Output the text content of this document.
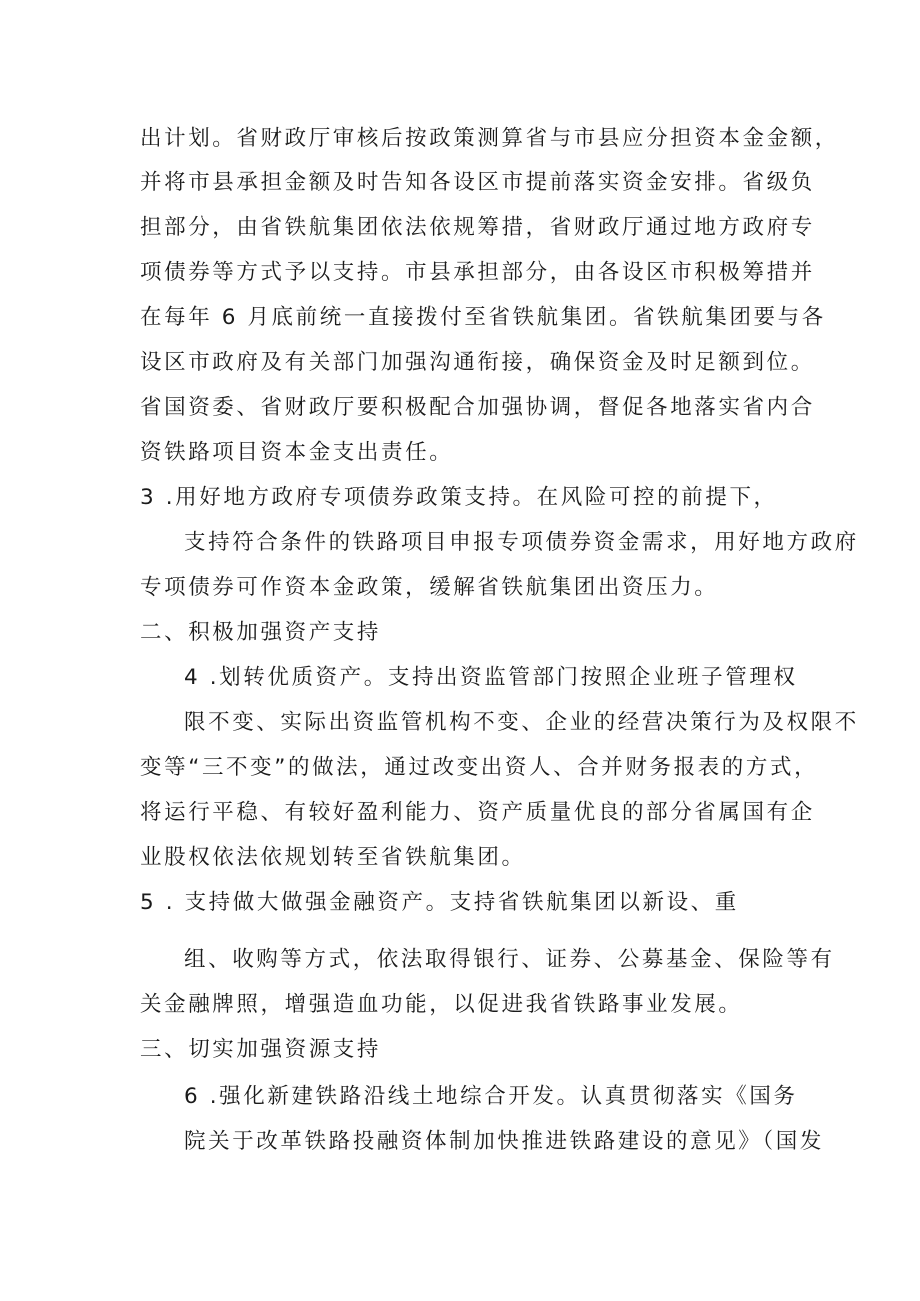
出计划。省财政厅审核后按政策测算省与市县应分担资本金金额，
并将市县承担金额及时告知各设区市提前落实资金安排。省级负
担部分，由省铁航集团依法依规筹措，省财政厅通过地方政府专
项债券等方式予以支持。市县承担部分，由各设区市积极筹措并
在每年 6 月底前统一直接拨付至省铁航集团。省铁航集团要与各
设区市政府及有关部门加强沟通衔接，确保资金及时足额到位。
省国资委、省财政厅要积极配合加强协调，督促各地落实省内合
资铁路项目资本金支出责任。
3 .用好地方政府专项债券政策支持。在风险可控的前提下，
支持符合条件的铁路项目申报专项债券资金需求，用好地方政府
专项债券可作资本金政策，缓解省铁航集团出资压力。
二、积极加强资产支持
4 .划转优质资产。支持出资监管部门按照企业班子管理权
限不变、实际出资监管机构不变、企业的经营决策行为及权限不
变等“三不变”的做法，通过改变出资人、合并财务报表的方式，
将运行平稳、有较好盈利能力、资产质量优良的部分省属国有企
业股权依法依规划转至省铁航集团。
5 . 支持做大做强金融资产。支持省铁航集团以新设、重
组、收购等方式，依法取得银行、证券、公募基金、保险等有
关金融牌照，增强造血功能，以促进我省铁路事业发展。
三、切实加强资源支持
6 .强化新建铁路沿线土地综合开发。认真贯彻落实《国务
院关于改革铁路投融资体制加快推进铁路建设的意见》（国发
